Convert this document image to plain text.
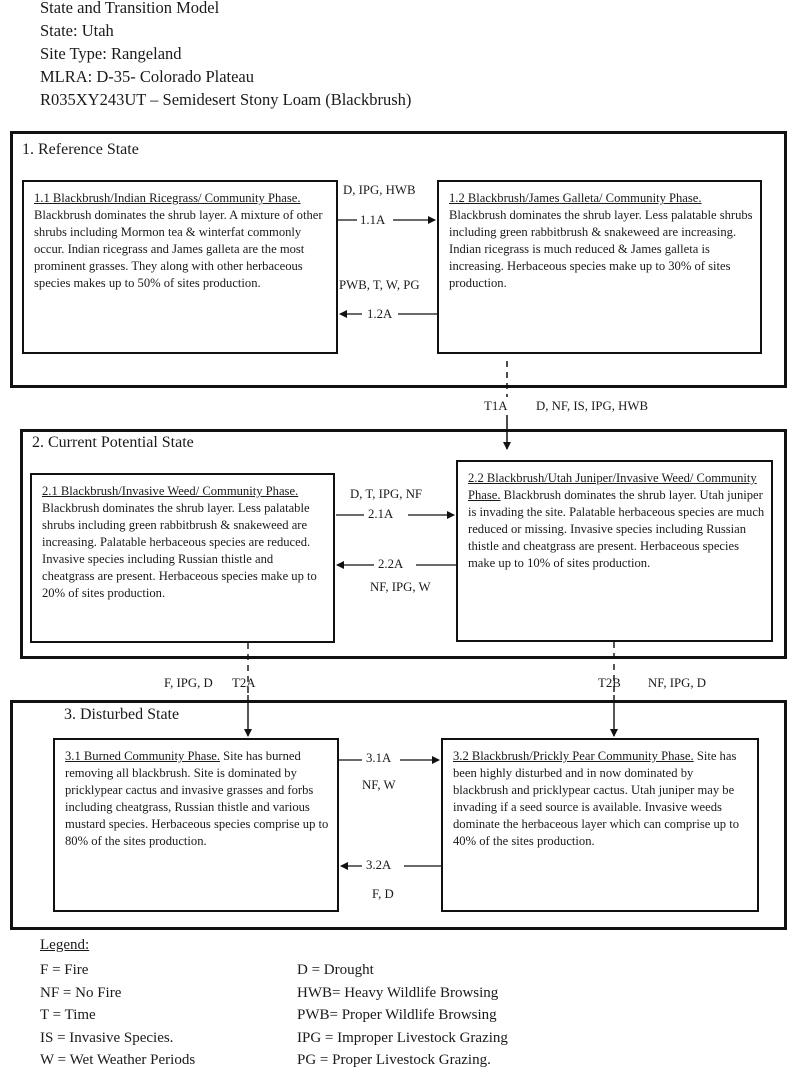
State and Transition Model
State: Utah
Site Type: Rangeland
MLRA: D-35- Colorado Plateau
R035XY243UT – Semidesert Stony Loam (Blackbrush)
1. Reference State
1.1 Blackbrush/Indian Ricegrass/ Community Phase. Blackbrush dominates the shrub layer. A mixture of other shrubs including Mormon tea & winterfat commonly occur. Indian ricegrass and James galleta are the most prominent grasses. They along with other herbaceous species makes up to 50% of sites production.
1.2 Blackbrush/James Galleta/ Community Phase. Blackbrush dominates the shrub layer. Less palatable shrubs including green rabbitbrush & snakeweed are increasing. Indian ricegrass is much reduced & James galleta is increasing. Herbaceous species make up to 30% of sites production.
D, IPG, HWB
1.1A
PWB, T, W, PG
1.2A
T1A D, NF, IS, IPG, HWB
2. Current Potential State
2.1 Blackbrush/Invasive Weed/ Community Phase. Blackbrush dominates the shrub layer. Less palatable shrubs including green rabbitbrush & snakeweed are increasing. Palatable herbaceous species are reduced. Invasive species including Russian thistle and cheatgrass are present. Herbaceous species make up to 20% of sites production.
2.2 Blackbrush/Utah Juniper/Invasive Weed/ Community Phase. Blackbrush dominates the shrub layer. Utah juniper is invading the site. Palatable herbaceous species are much reduced or missing. Invasive species including Russian thistle and cheatgrass are present. Herbaceous species make up to 10% of sites production.
D, T, IPG, NF
2.1A
2.2A
NF, IPG, W
F, IPG, D T2A	T2B NF, IPG, D
3. Disturbed State
3.1 Burned Community Phase. Site has burned removing all blackbrush. Site is dominated by pricklypear cactus and invasive grasses and forbs including cheatgrass, Russian thistle and various mustard species. Herbaceous species comprise up to 80% of the sites production.
3.2 Blackbrush/Prickly Pear Community Phase. Site has been highly disturbed and in now dominated by blackbrush and pricklypear cactus. Utah juniper may be invading if a seed source is available. Invasive weeds dominate the herbaceous layer which can comprise up to 40% of the sites production.
3.1A
NF, W
3.2A
F, D
Legend:
F = Fire
NF = No Fire
T = Time
IS = Invasive Species.
W = Wet Weather Periods
D = Drought
HWB= Heavy Wildlife Browsing
PWB= Proper Wildlife Browsing
IPG = Improper Livestock Grazing
PG = Proper Livestock Grazing.
